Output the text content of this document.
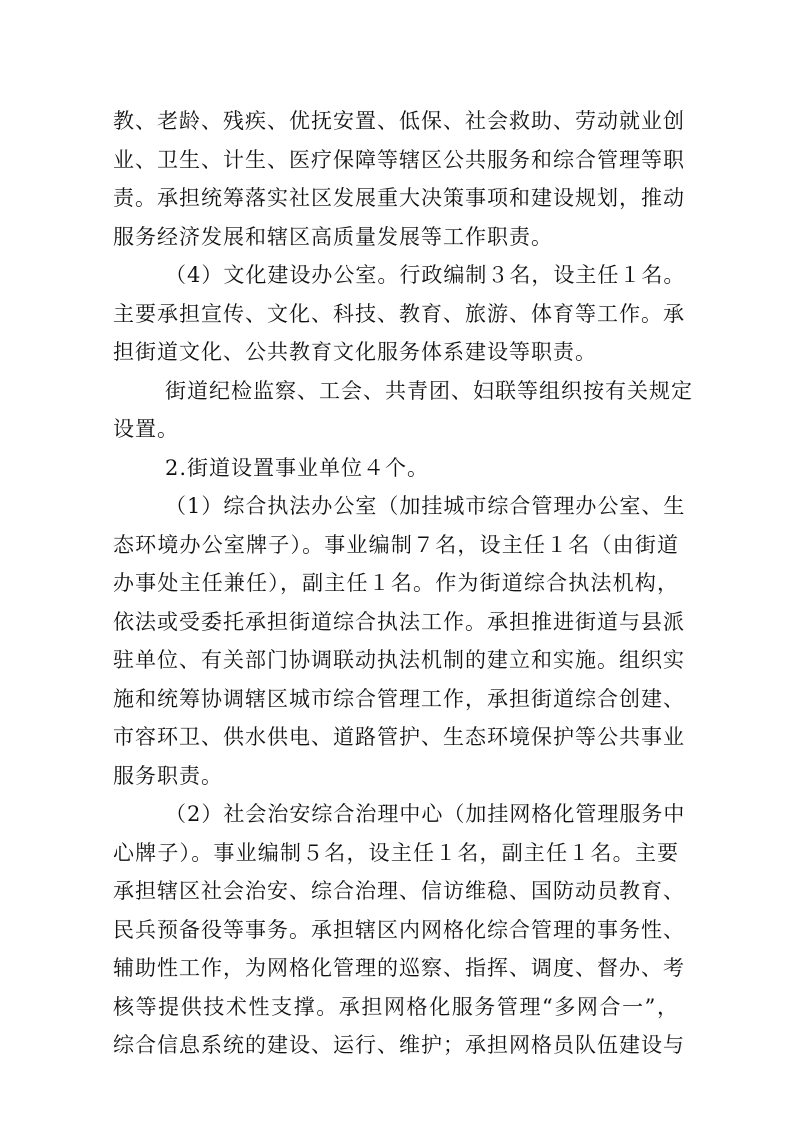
教、老龄、残疾、优抚安置、低保、社会救助、劳动就业创
业、卫生、计生、医疗保障等辖区公共服务和综合管理等职
责。承担统筹落实社区发展重大决策事项和建设规划，推动
服务经济发展和辖区高质量发展等工作职责。
（4）文化建设办公室。行政编制３名，设主任１名。
主要承担宣传、文化、科技、教育、旅游、体育等工作。承
担街道文化、公共教育文化服务体系建设等职责。
街道纪检监察、工会、共青团、妇联等组织按有关规定
设置。
2.街道设置事业单位４个。
（1）综合执法办公室（加挂城市综合管理办公室、生
态环境办公室牌子）。事业编制７名，设主任１名（由街道
办事处主任兼任），副主任１名。作为街道综合执法机构，
依法或受委托承担街道综合执法工作。承担推进街道与县派
驻单位、有关部门协调联动执法机制的建立和实施。组织实
施和统筹协调辖区城市综合管理工作，承担街道综合创建、
市容环卫、供水供电、道路管护、生态环境保护等公共事业
服务职责。
（2）社会治安综合治理中心（加挂网格化管理服务中
心牌子）。事业编制５名，设主任１名，副主任１名。主要
承担辖区社会治安、综合治理、信访维稳、国防动员教育、
民兵预备役等事务。承担辖区内网格化综合管理的事务性、
辅助性工作，为网格化管理的巡察、指挥、调度、督办、考
核等提供技术性支撑。承担网格化服务管理“多网合一”，
综合信息系统的建设、运行、维护；承担网格员队伍建设与
